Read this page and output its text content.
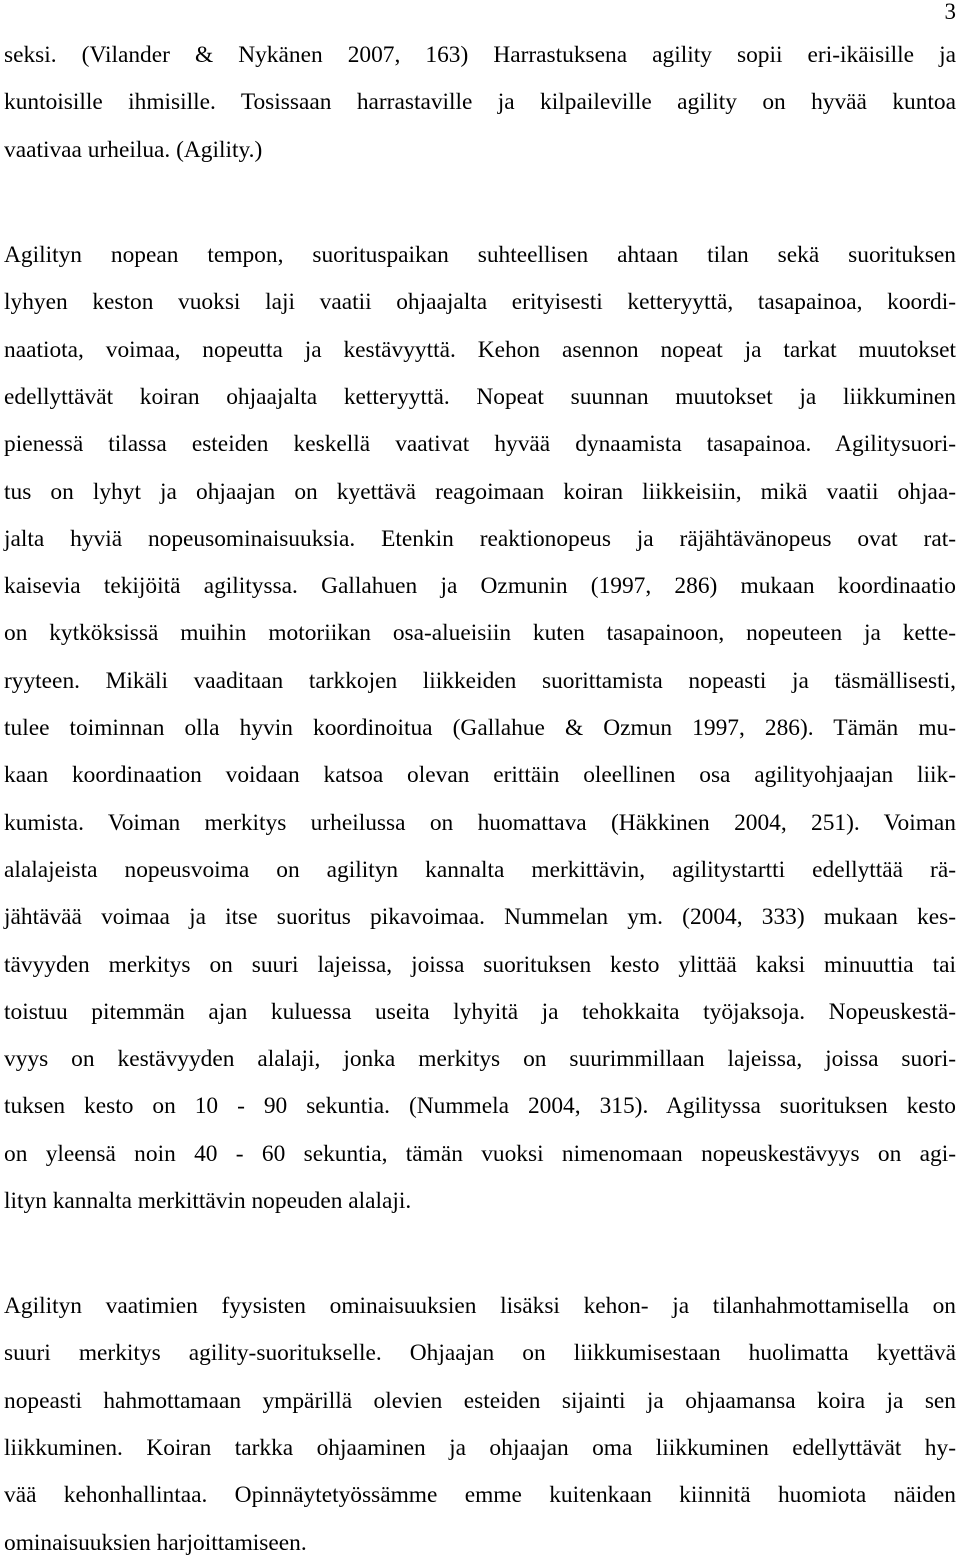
3
seksi. (Vilander & Nykänen 2007, 163) Harrastuksena agility sopii eri-ikäisille ja
kuntoisille ihmisille. Tosissaan harrastaville ja kilpaileville agility on hyvää kuntoa
vaativaa urheilua. (Agility.)
Agilityn nopean tempon, suorituspaikan suhteellisen ahtaan tilan sekä suorituksen
lyhyen keston vuoksi laji vaatii ohjaajalta erityisesti ketteryyttä, tasapainoa, koordi-
naatiota, voimaa, nopeutta ja kestävyyttä. Kehon asennon nopeat ja tarkat muutokset
edellyttävät koiran ohjaajalta ketteryyttä. Nopeat suunnan muutokset ja liikkuminen
pienessä tilassa esteiden keskellä vaativat hyvää dynaamista tasapainoa. Agilitysuori-
tus on lyhyt ja ohjaajan on kyettävä reagoimaan koiran liikkeisiin, mikä vaatii ohjaa-
jalta hyviä nopeusominaisuuksia. Etenkin reaktionopeus ja räjähtävänopeus ovat rat-
kaisevia tekijöitä agilityssa. Gallahuen ja Ozmunin (1997, 286) mukaan koordinaatio
on kytköksissä muihin motoriikan osa-alueisiin kuten tasapainoon, nopeuteen ja kette-
ryyteen. Mikäli vaaditaan tarkkojen liikkeiden suorittamista nopeasti ja täsmällisesti,
tulee toiminnan olla hyvin koordinoitua (Gallahue & Ozmun 1997, 286). Tämän mu-
kaan koordinaation voidaan katsoa olevan erittäin oleellinen osa agilityohjaajan liik-
kumista. Voiman merkitys urheilussa on huomattava (Häkkinen 2004, 251). Voiman
alalajeista nopeusvoima on agilityn kannalta merkittävin, agilitystartti edellyttää rä-
jähtävää voimaa ja itse suoritus pikavoimaa. Nummelan ym. (2004, 333) mukaan kes-
tävyyden merkitys on suuri lajeissa, joissa suorituksen kesto ylittää kaksi minuuttia tai
toistuu pitemmän ajan kuluessa useita lyhyitä ja tehokkaita työjaksoja. Nopeuskestä-
vyys on kestävyyden alalaji, jonka merkitys on suurimmillaan lajeissa, joissa suori-
tuksen kesto on 10 - 90 sekuntia. (Nummela 2004, 315). Agilityssa suorituksen kesto
on yleensä noin 40 - 60 sekuntia, tämän vuoksi nimenomaan nopeuskestävyys on agi-
lityn kannalta merkittävin nopeuden alalaji.
Agilityn vaatimien fyysisten ominaisuuksien lisäksi kehon- ja tilanhahmottamisella on
suuri merkitys agility-suoritukselle. Ohjaajan on liikkumisestaan huolimatta kyettävä
nopeasti hahmottamaan ympärillä olevien esteiden sijainti ja ohjaamansa koira ja sen
liikkuminen. Koiran tarkka ohjaaminen ja ohjaajan oma liikkuminen edellyttävät hy-
vää kehonhallintaa. Opinnäytetyössämme emme kuitenkaan kiinnitä huomiota näiden
ominaisuuksien harjoittamiseen.
